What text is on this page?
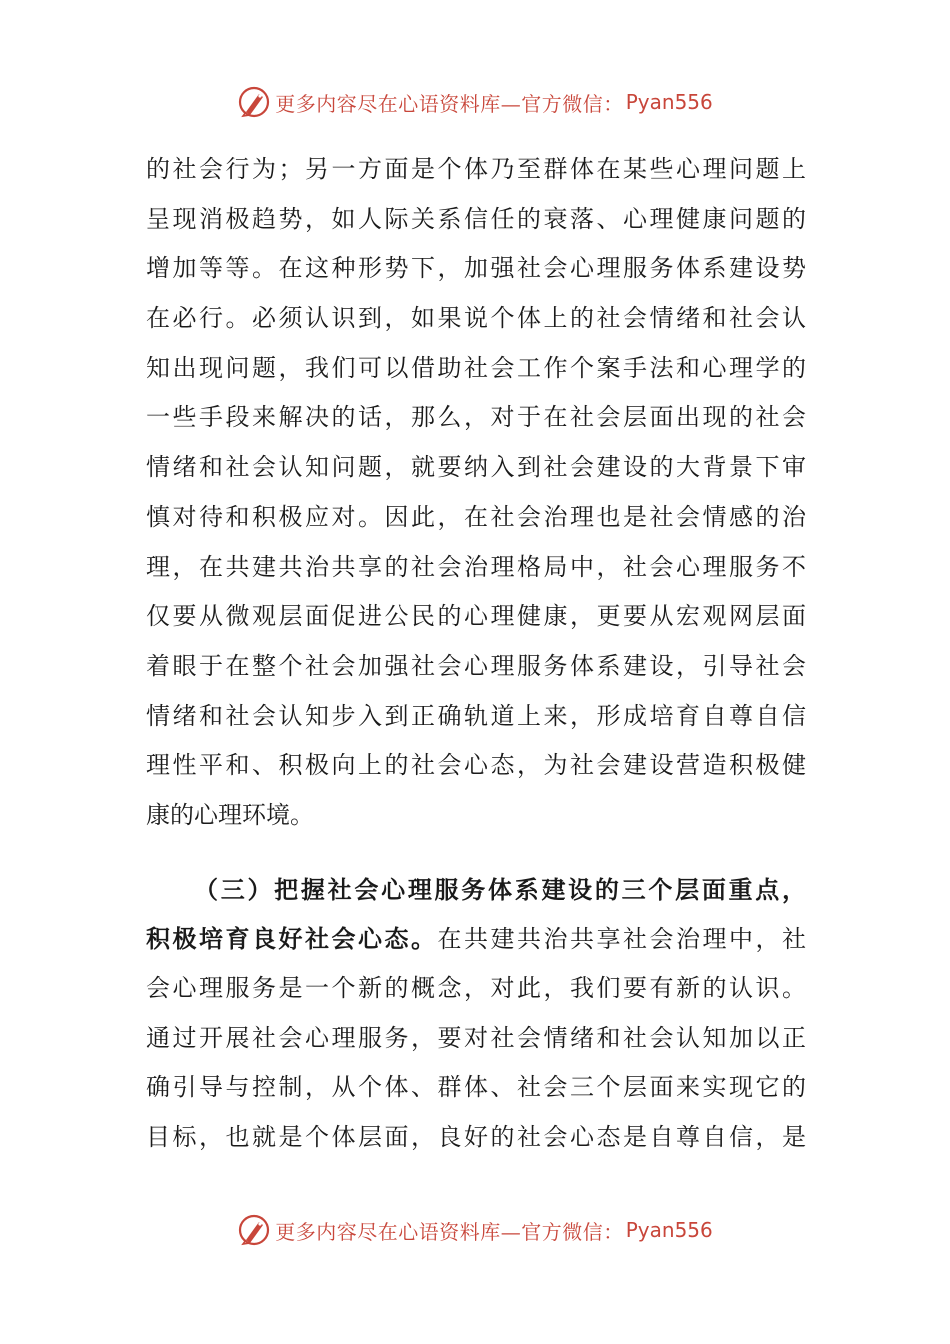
更多内容尽在心语资料库—官方微信： Pyan556
的社会行为；另一方面是个体乃至群体在某些心理问题上
呈现消极趋势，如人际关系信任的衰落、心理健康问题的
增加等等。在这种形势下，加强社会心理服务体系建设势
在必行。必须认识到，如果说个体上的社会情绪和社会认
知出现问题，我们可以借助社会工作个案手法和心理学的
一些手段来解决的话，那么，对于在社会层面出现的社会
情绪和社会认知问题，就要纳入到社会建设的大背景下审
慎对待和积极应对。因此，在社会治理也是社会情感的治
理，在共建共治共享的社会治理格局中，社会心理服务不
仅要从微观层面促进公民的心理健康，更要从宏观网层面
着眼于在整个社会加强社会心理服务体系建设，引导社会
情绪和社会认知步入到正确轨道上来，形成培育自尊自信
理性平和、积极向上的社会心态，为社会建设营造积极健
康的心理环境。
（三）把握社会心理服务体系建设的三个层面重点，
积极培育良好社会心态。在共建共治共享社会治理中，社
会心理服务是一个新的概念，对此，我们要有新的认识。
通过开展社会心理服务，要对社会情绪和社会认知加以正
确引导与控制，从个体、群体、社会三个层面来实现它的
目标，也就是个体层面，良好的社会心态是自尊自信，是
更多内容尽在心语资料库—官方微信： Pyan556
